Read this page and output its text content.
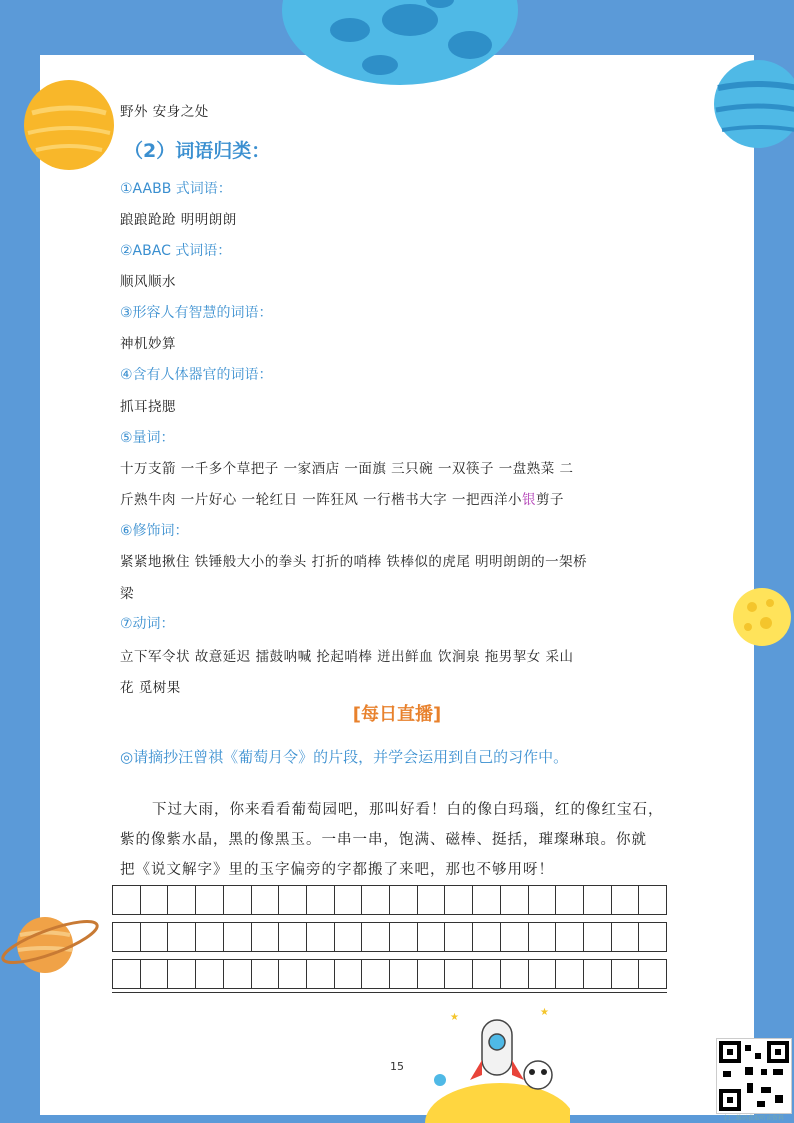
★	★
野外 安身之处
（2）词语归类：
①AABB 式词语：
踉踉跄跄 明明朗朗
②ABAC 式词语：
顺风顺水
③形容人有智慧的词语：
神机妙算
④含有人体器官的词语：
抓耳挠腮
⑤量词：
十万支箭 一千多个草把子 一家酒店 一面旗 三只碗 一双筷子 一盘熟菜 二
斤熟牛肉 一片好心 一轮红日 一阵狂风 一行楷书大字 一把西洋小银剪子
⑥修饰词：
紧紧地揪住 铁锤般大小的拳头 打折的哨棒 铁棒似的虎尾 明明朗朗的一架桥
梁
⑦动词：
立下军令状 故意延迟 擂鼓呐喊 抡起哨棒 迸出鲜血 饮涧泉 拖男挈女 采山
花 觅树果
[每日直播]
◎请摘抄汪曾祺《葡萄月令》的片段，并学会运用到自己的习作中。
下过大雨，你来看看葡萄园吧，那叫好看！白的像白玛瑙，红的像红宝石，
紫的像紫水晶，黑的像黑玉。一串一串，饱满、磁棒、挺括，璀璨琳琅。你就
把《说文解字》里的玉字偏旁的字都搬了来吧，那也不够用呀！
15
扫二维码获取听读资料
